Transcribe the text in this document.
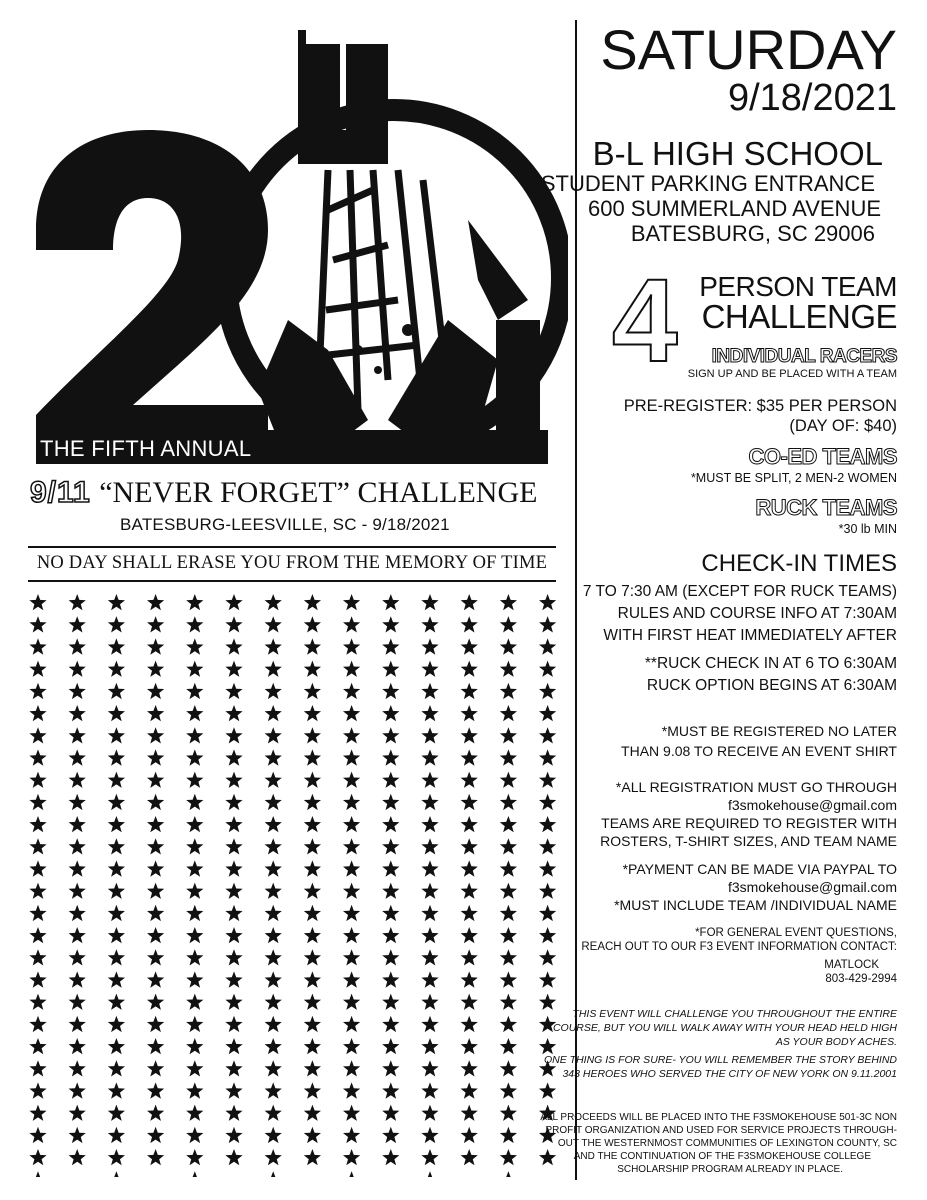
THE FIFTH ANNUAL
9/11 “NEVER FORGET” CHALLENGE
BATESBURG-LEESVILLE, SC - 9/18/2021
NO DAY SHALL ERASE YOU FROM THE MEMORY OF TIME
SATURDAY
9/18/2021
B-L HIGH SCHOOL
STUDENT PARKING ENTRANCE
600 SUMMERLAND AVENUE
BATESBURG, SC 29006
4 PERSON TEAM
CHALLENGE
INDIVIDUAL RACERS
SIGN UP AND BE PLACED WITH A TEAM
PRE-REGISTER: $35 PER PERSON
(DAY OF: $40)
CO-ED TEAMS
*MUST BE SPLIT, 2 MEN-2 WOMEN
RUCK TEAMS
*30 lb MIN
CHECK-IN TIMES
7 TO 7:30 AM (EXCEPT FOR RUCK TEAMS)
RULES AND COURSE INFO AT 7:30AM
WITH FIRST HEAT IMMEDIATELY AFTER
**RUCK CHECK IN AT 6 TO 6:30AM
RUCK OPTION BEGINS AT 6:30AM
*MUST BE REGISTERED NO LATER
THAN 9.08 TO RECEIVE AN EVENT SHIRT
*ALL REGISTRATION MUST GO THROUGH
f3smokehouse@gmail.com
TEAMS ARE REQUIRED TO REGISTER WITH
ROSTERS, T-SHIRT SIZES, AND TEAM NAME
*PAYMENT CAN BE MADE VIA PAYPAL TO
f3smokehouse@gmail.com
*MUST INCLUDE TEAM /INDIVIDUAL NAME
*FOR GENERAL EVENT QUESTIONS,
REACH OUT TO OUR F3 EVENT INFORMATION CONTACT:
MATLOCK
803-429-2994
THIS EVENT WILL CHALLENGE YOU THROUGHOUT THE ENTIRE
COURSE, BUT YOU WILL WALK AWAY WITH YOUR HEAD HELD HIGH
AS YOUR BODY ACHES.
ONE THING IS FOR SURE- YOU WILL REMEMBER THE STORY BEHIND
343 HEROES WHO SERVED THE CITY OF NEW YORK ON 9.11.2001
ALL PROCEEDS WILL BE PLACED INTO THE F3SMOKEHOUSE 501-3C NON
PROFIT ORGANIZATION AND USED FOR SERVICE PROJECTS THROUGH-
OUT THE WESTERNMOST COMMUNITIES OF LEXINGTON COUNTY, SC
AND THE CONTINUATION OF THE F3SMOKEHOUSE COLLEGE
SCHOLARSHIP PROGRAM ALREADY IN PLACE.
